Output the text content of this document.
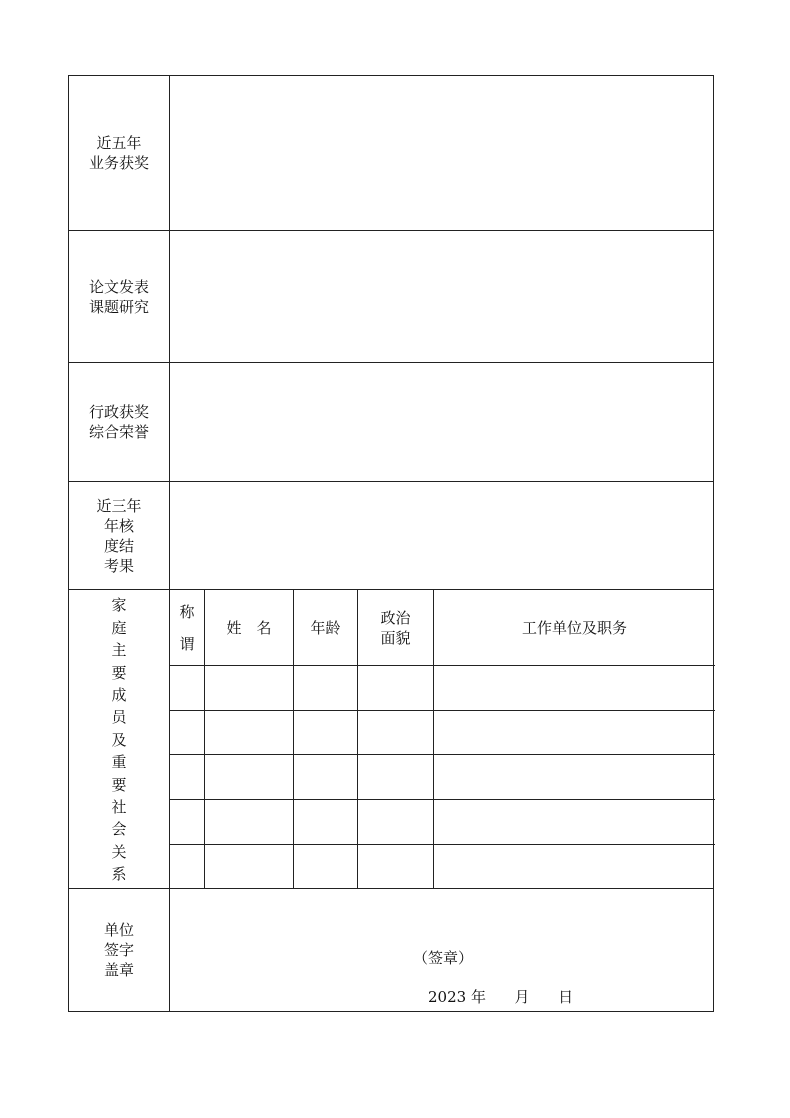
近五年
业务获奖
论文发表
课题研究
行政获奖
综合荣誉
近三年
年核
度结
考果
家
庭
主
要
成
员
及
重
要
社
会
关
系
称
谓
姓　名	年龄
政治
面貌
工作单位及职务
单位
签字
盖章
（签章）
2023 年      月      日
